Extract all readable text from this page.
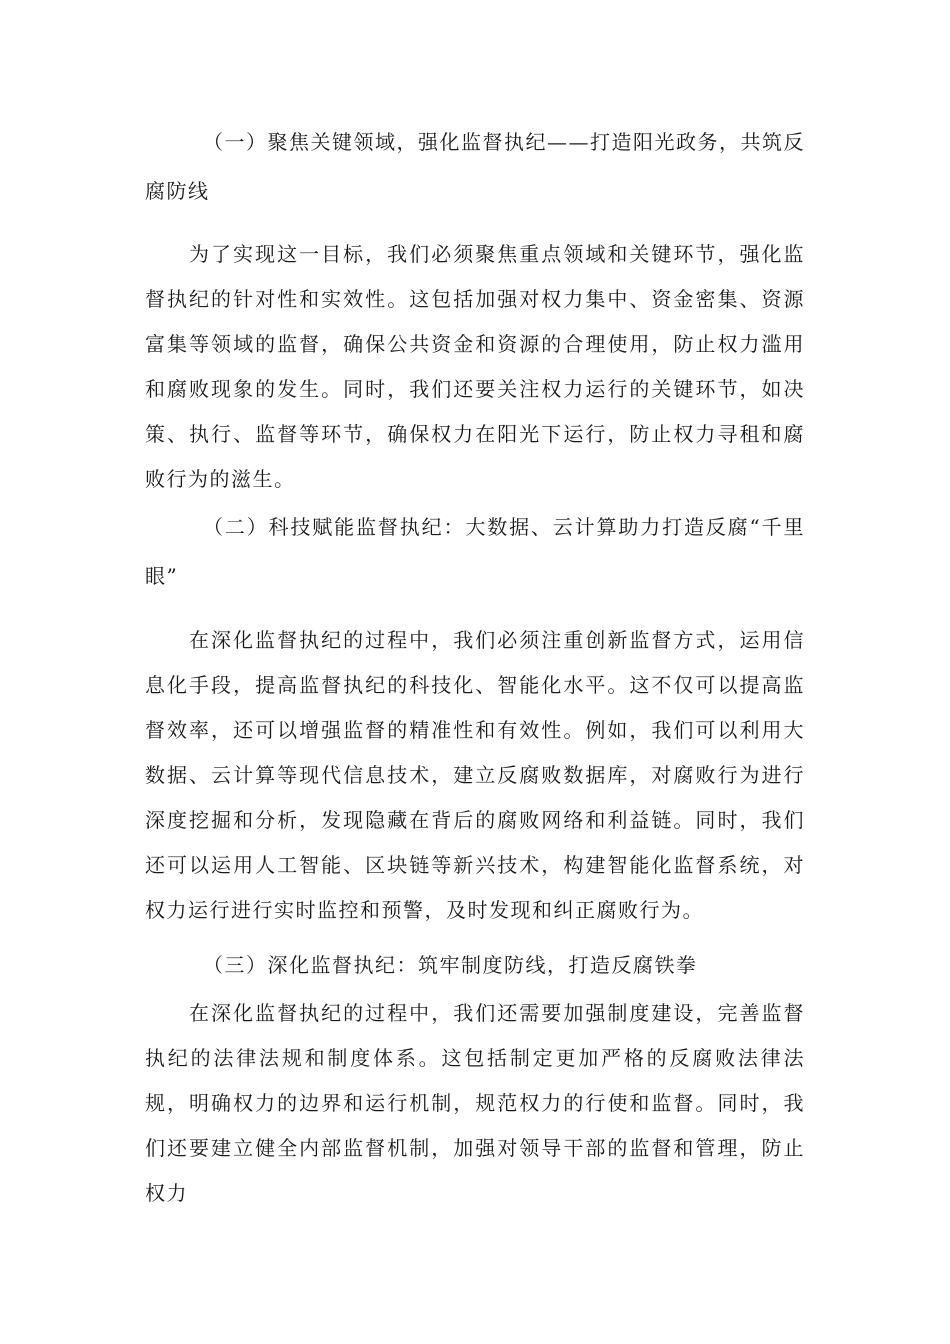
（一）聚焦关键领域，强化监督执纪——打造阳光政务，共筑反腐防线

为了实现这一目标，我们必须聚焦重点领域和关键环节，强化监督执纪的针对性和实效性。这包括加强对权力集中、资金密集、资源富集等领域的监督，确保公共资金和资源的合理使用，防止权力滥用和腐败现象的发生。同时，我们还要关注权力运行的关键环节，如决策、执行、监督等环节，确保权力在阳光下运行，防止权力寻租和腐败行为的滋生。

（二）科技赋能监督执纪：大数据、云计算助力打造反腐“千里眼”

在深化监督执纪的过程中，我们必须注重创新监督方式，运用信息化手段，提高监督执纪的科技化、智能化水平。这不仅可以提高监督效率，还可以增强监督的精准性和有效性。例如，我们可以利用大数据、云计算等现代信息技术，建立反腐败数据库，对腐败行为进行深度挖掘和分析，发现隐藏在背后的腐败网络和利益链。同时，我们还可以运用人工智能、区块链等新兴技术，构建智能化监督系统，对权力运行进行实时监控和预警，及时发现和纠正腐败行为。

（三）深化监督执纪：筑牢制度防线，打造反腐铁拳

在深化监督执纪的过程中，我们还需要加强制度建设，完善监督执纪的法律法规和制度体系。这包括制定更加严格的反腐败法律法规，明确权力的边界和运行机制，规范权力的行使和监督。同时，我们还要建立健全内部监督机制，加强对领导干部的监督和管理，防止权力
